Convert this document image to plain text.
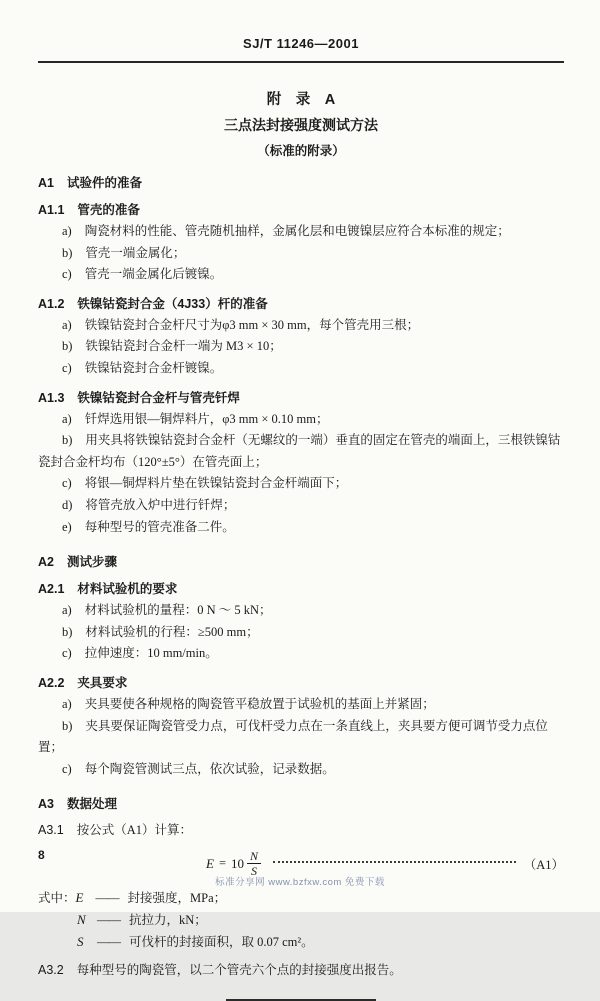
SJ/T 11246—2001
附　录　A
三点法封接强度测试方法
（标准的附录）

A1 试验件的准备

A1.1 管壳的准备

a) 陶瓷材料的性能、管壳随机抽样，金属化层和电镀镍层应符合本标准的规定；

b) 管壳一端金属化；

c) 管壳一端金属化后镀镍。

A1.2 铁镍钴瓷封合金（4J33）杆的准备

a) 铁镍钴瓷封合金杆尺寸为φ3 mm × 30 mm，每个管壳用三根；

b) 铁镍钴瓷封合金杆一端为 M3 × 10；

c) 铁镍钴瓷封合金杆镀镍。

A1.3 铁镍钴瓷封合金杆与管壳钎焊

a) 钎焊选用银—铜焊料片，φ3 mm × 0.10 mm；

b) 用夹具将铁镍钴瓷封合金杆（无螺纹的一端）垂直的固定在管壳的端面上，三根铁镍钴瓷封合金杆均布（120°±5°）在管壳面上；

c) 将银—铜焊料片垫在铁镍钴瓷封合金杆端面下；

d) 将管壳放入炉中进行钎焊；

e) 每种型号的管壳准备二件。

A2 测试步骤

A2.1 材料试验机的要求

a) 材料试验机的量程：0 N ～ 5 kN；

b) 材料试验机的行程：≥500 mm；

c) 拉伸速度：10 mm/min。

A2.2 夹具要求

a) 夹具要使各种规格的陶瓷管平稳放置于试验机的基面上并紧固；

b) 夹具要保证陶瓷管受力点，可伐杆受力点在一条直线上，夹具要方便可调节受力点位置；

c) 每个陶瓷管测试三点，依次试验，记录数据。

A3 数据处理

A3.1 按公式（A1）计算：

$E = 10 \frac{N}{S}$	（A1）

式中：E —— 封接强度，MPa；

N —— 抗拉力，kN；

S —— 可伐杆的封接面积，取 0.07 cm²。

A3.2 每种型号的陶瓷管，以二个管壳六个点的封接强度出报告。

8
标准分享网 www.bzfxw.com 免费下载
